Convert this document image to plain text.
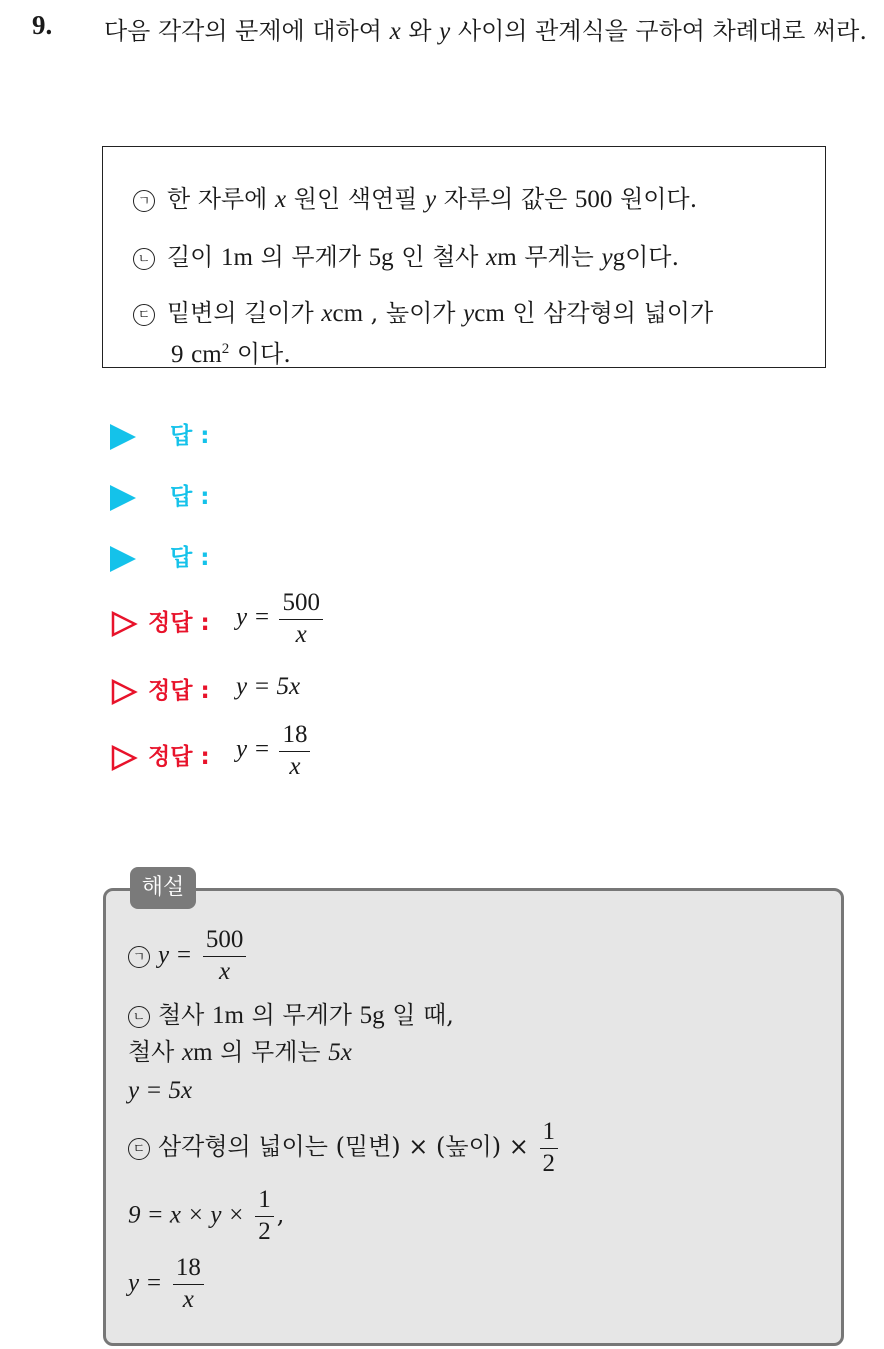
9. 다음 각각의 문제에 대하여 x 와 y 사이의 관계식을 구하여 차례대로 써라.
ㄱ 한 자루에 x 원인 색연필 y 자루의 값은 500 원이다.
ㄴ 길이 1m 의 무게가 5g 인 철사 xm 무게는 yg이다.
ㄷ 밑변의 길이가 xcm , 높이가 ycm 인 삼각형의 넓이가
9 $cm^2$ 이다.
답 :
답 :
답 :
정답 : $y = \frac{500}{x}$
정답 : y = 5x
정답 : $y = \frac{18}{x}$
ㄱ $y = \frac{500}{x}$
ㄴ 철사 1m 의 무게가 5g 일 때,
철사 xm 의 무게는 5x
y = 5x
ㄷ 삼각형의 넓이는 (밑변) × (높이) × $\frac{1}{2}$
$9 = x \times y \times \frac{1}{2}$ ,
$y = \frac{18}{x}$
해설
